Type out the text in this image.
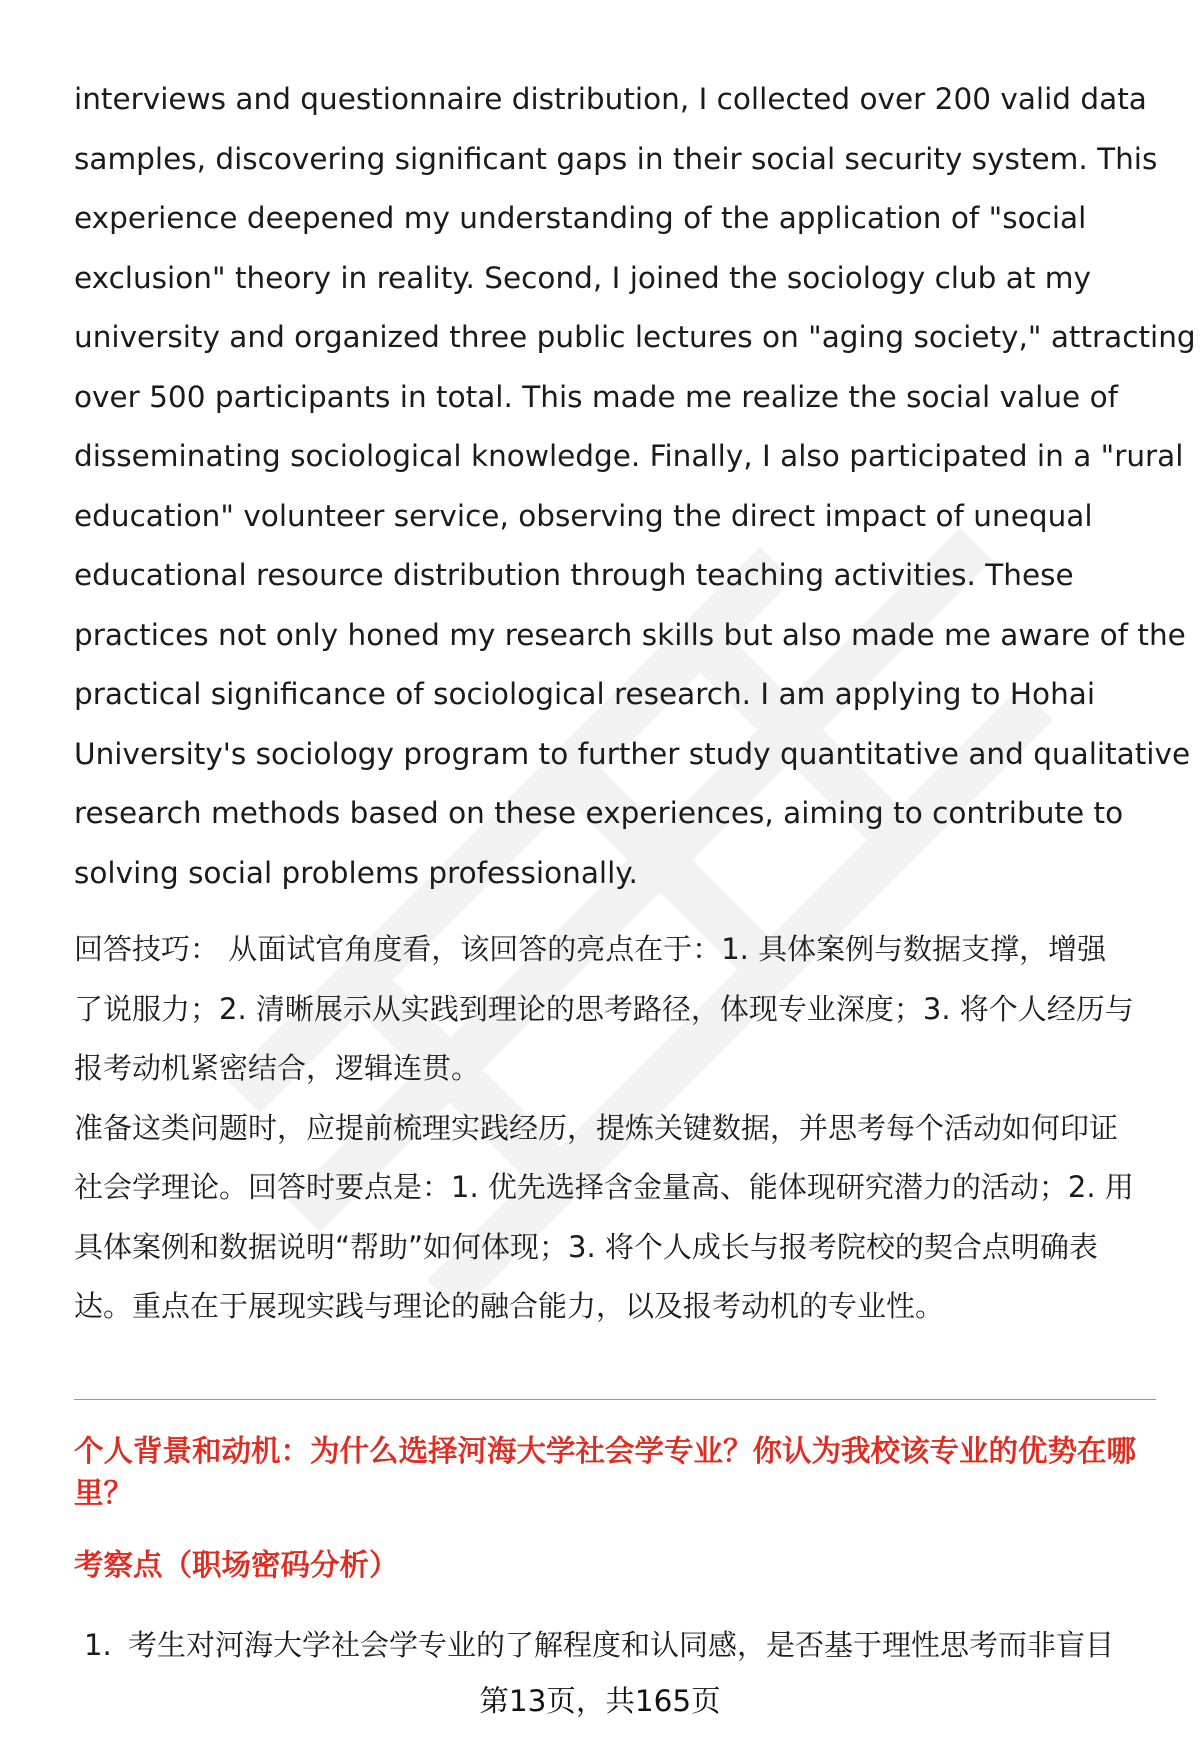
interviews and questionnaire distribution, I collected over 200 valid data
samples, discovering significant gaps in their social security system. This
experience deepened my understanding of the application of "social
exclusion" theory in reality. Second, I joined the sociology club at my
university and organized three public lectures on "aging society," attracting
over 500 participants in total. This made me realize the social value of
disseminating sociological knowledge. Finally, I also participated in a "rural
education" volunteer service, observing the direct impact of unequal
educational resource distribution through teaching activities. These
practices not only honed my research skills but also made me aware of the
practical significance of sociological research. I am applying to Hohai
University's sociology program to further study quantitative and qualitative
research methods based on these experiences, aiming to contribute to
solving social problems professionally.

回答技巧： 从面试官角度看，该回答的亮点在于：1. 具体案例与数据支撑，增强
了说服力；2. 清晰展示从实践到理论的思考路径，体现专业深度；3. 将个人经历与
报考动机紧密结合，逻辑连贯。

准备这类问题时，应提前梳理实践经历，提炼关键数据，并思考每个活动如何印证
社会学理论。回答时要点是：1. 优先选择含金量高、能体现研究潜力的活动；2. 用
具体案例和数据说明“帮助”如何体现；3. 将个人成长与报考院校的契合点明确表
达。重点在于展现实践与理论的融合能力，以及报考动机的专业性。

个人背景和动机：为什么选择河海大学社会学专业？你认为我校该专业的优势在哪
里？
考察点（职场密码分析）
1. 考生对河海大学社会学专业的了解程度和认同感，是否基于理性思考而非盲目
第13页，共165页
